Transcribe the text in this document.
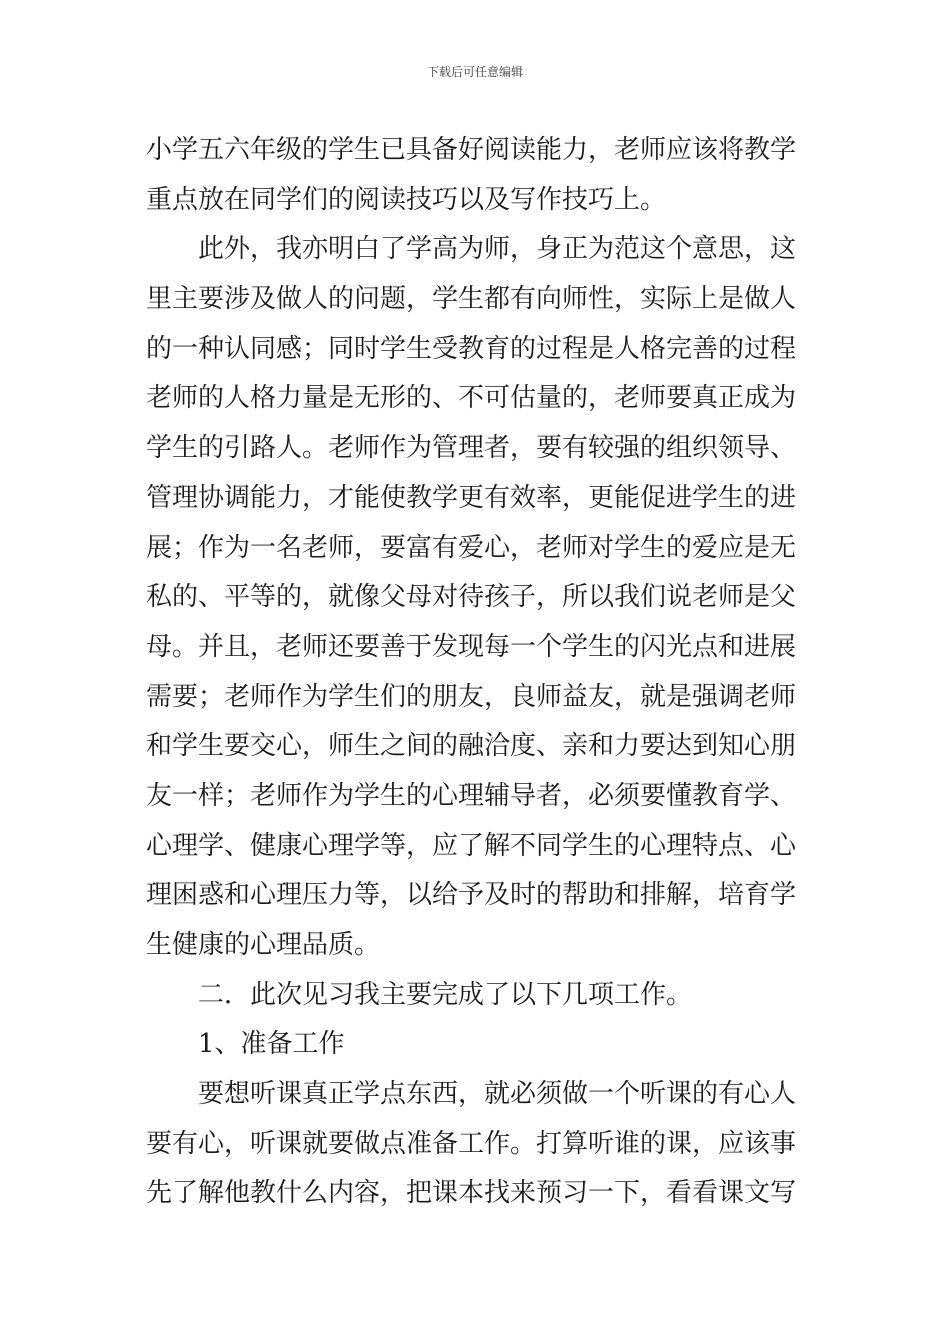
下载后可任意编辑
小学五六年级的学生已具备好阅读能力，老师应该将教学
重点放在同学们的阅读技巧以及写作技巧上。
此外，我亦明白了学高为师，身正为范这个意思，这
里主要涉及做人的问题，学生都有向师性，实际上是做人
的一种认同感；同时学生受教育的过程是人格完善的过程
老师的人格力量是无形的、不可估量的，老师要真正成为
学生的引路人。老师作为管理者，要有较强的组织领导、
管理协调能力，才能使教学更有效率，更能促进学生的进
展；作为一名老师，要富有爱心，老师对学生的爱应是无
私的、平等的，就像父母对待孩子，所以我们说老师是父
母。并且，老师还要善于发现每一个学生的闪光点和进展
需要；老师作为学生们的朋友，良师益友，就是强调老师
和学生要交心，师生之间的融洽度、亲和力要达到知心朋
友一样；老师作为学生的心理辅导者，必须要懂教育学、
心理学、健康心理学等，应了解不同学生的心理特点、心
理困惑和心理压力等，以给予及时的帮助和排解，培育学
生健康的心理品质。
二．此次见习我主要完成了以下几项工作。
1、准备工作
要想听课真正学点东西，就必须做一个听课的有心人
要有心，听课就要做点准备工作。打算听谁的课，应该事
先了解他教什么内容，把课本找来预习一下，看看课文写
